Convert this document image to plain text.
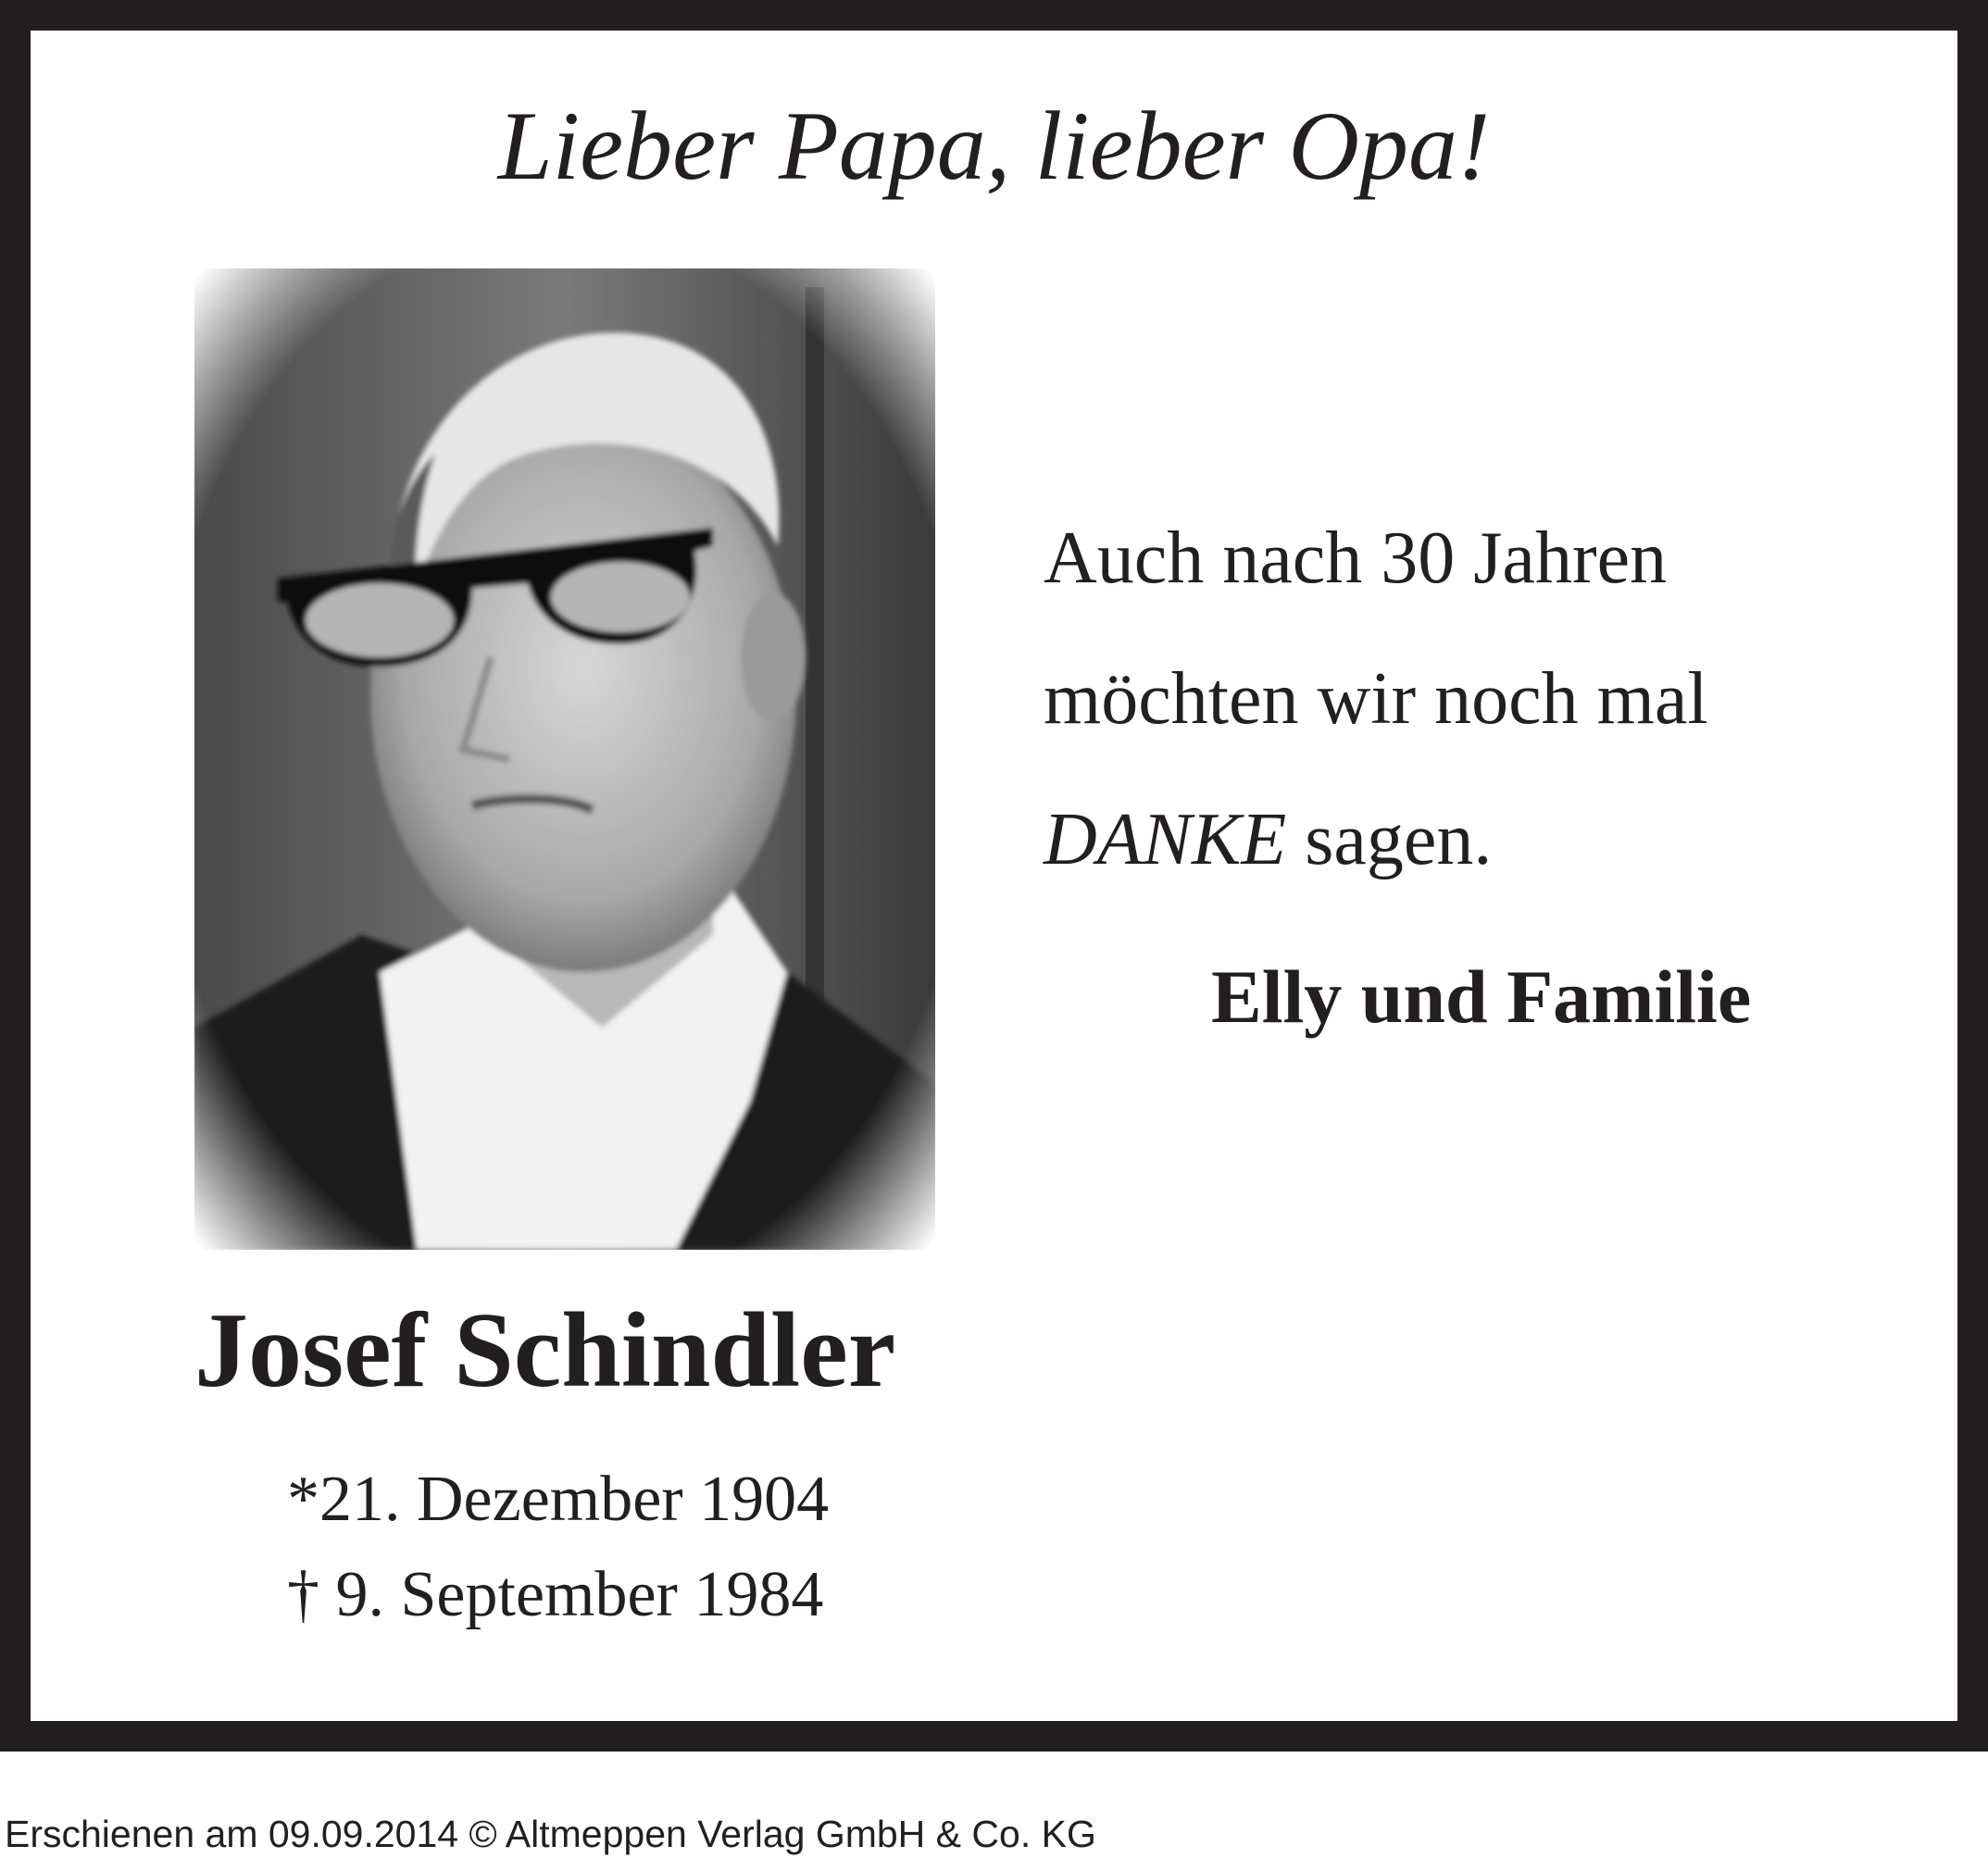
Lieber Papa, lieber Opa!
Auch nach 30 Jahren
möchten wir noch mal
DANKE sagen.
Elly und Familie
Josef Schindler
*21. Dezember 1904
† 9. September 1984
Erschienen am 09.09.2014 © Altmeppen Verlag GmbH & Co. KG
